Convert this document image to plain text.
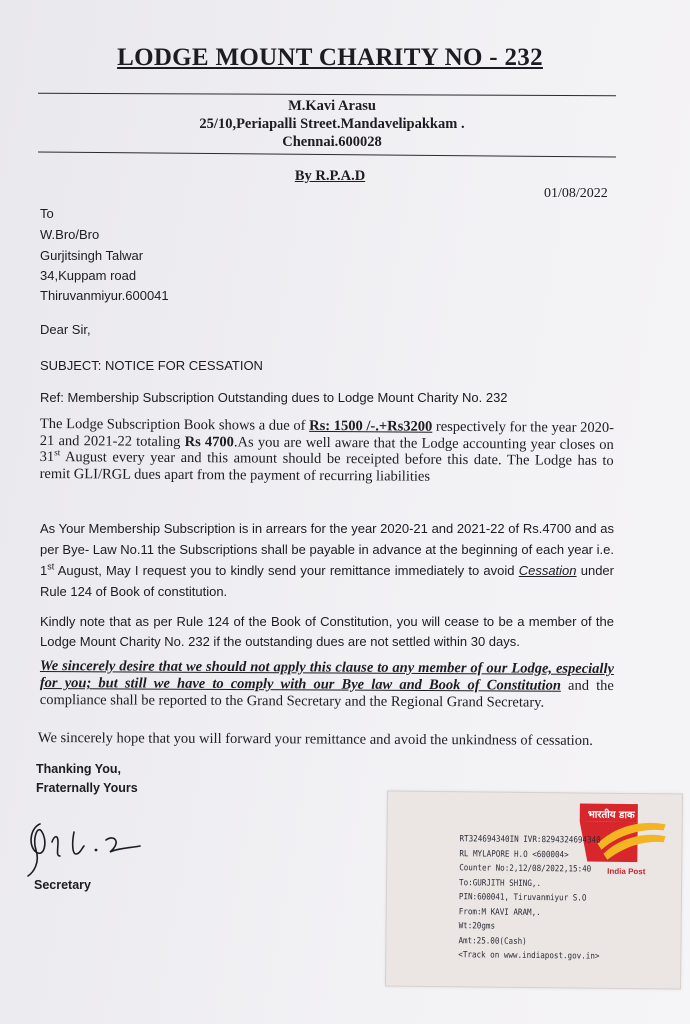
LODGE MOUNT CHARITY NO - 232
M.Kavi Arasu
25/10,Periapalli Street.Mandavelipakkam .
Chennai.600028
By R.P.A.D
01/08/2022
To
W.Bro/Bro
Gurjitsingh Talwar
34,Kuppam road
Thiruvanmiyur.600041
Dear Sir,
SUBJECT: NOTICE FOR CESSATION
Ref: Membership Subscription Outstanding dues to Lodge Mount Charity No. 232
The Lodge Subscription Book shows a due of Rs: 1500 /-.+Rs3200 respectively for the year 2020-21 and 2021-22 totaling Rs 4700.As you are well aware that the Lodge accounting year closes on 31st August every year and this amount should be receipted before this date. The Lodge has to remit GLI/RGL dues apart from the payment of recurring liabilities
As Your Membership Subscription is in arrears for the year 2020-21 and 2021-22 of Rs.4700 and as per Bye- Law No.11 the Subscriptions shall be payable in advance at the beginning of each year i.e. 1st August, May I request you to kindly send your remittance immediately to avoid Cessation under Rule 124 of Book of constitution.
Kindly note that as per Rule 124 of the Book of Constitution, you will cease to be a member of the Lodge Mount Charity No. 232 if the outstanding dues are not settled within 30 days.
We sincerely desire that we should not apply this clause to any member of our Lodge, especially for you; but still we have to comply with our Bye law and Book of Constitution and the compliance shall be reported to the Grand Secretary and the Regional Grand Secretary.
We sincerely hope that you will forward your remittance and avoid the unkindness of cessation.
Thanking You,
Fraternally Yours
Secretary
भारतीय डाक
India Post
RT324694340IN IVR:8294324694340
RL MYLAPORE H.O <600004>
Counter No:2,12/08/2022,15:40
To:GURJITH SHING,.
PIN:600041, Tiruvanmiyur S.O
From:M KAVI ARAM,.
Wt:20gms
Amt:25.00(Cash)
<Track on www.indiapost.gov.in>
